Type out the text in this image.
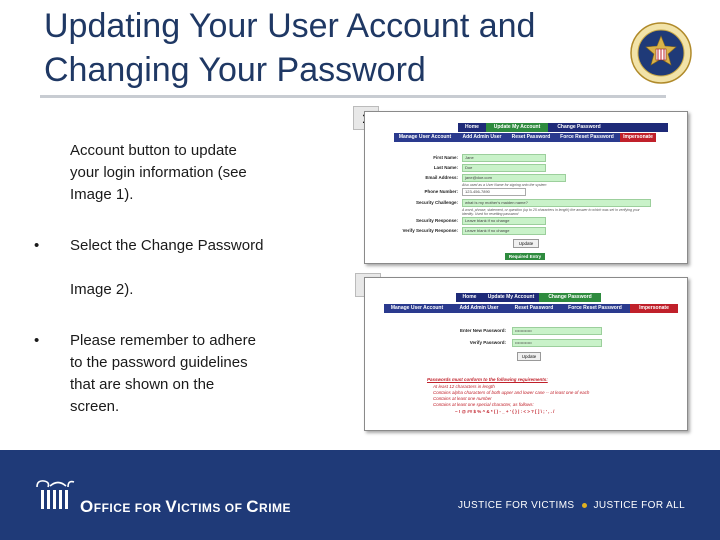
Updating Your User Account and
Changing Your Password
Account button to update
your login information (see
Image 1).
•	Select the Change Password
Image 2).
•	Please remember to adhere
to the password guidelines
that are shown on the
screen.
Home	Update My Account	Change Password
Manage User Account	Add Admin User	Reset Password	Force Reset Password	Impersonate
First Name:	Jane
Last Name:	Doe
Email Address:	jane@doe.com
Also used as a User Name for signing onto the system
Phone Number:	123-456-7890
Security Challenge:	what is my mother's maiden name?
A word, phrase, statement, or question (up to 25 characters in length) the answer to which was set in verifying your identity. Used for resetting password
Security Response:	Leave blank if no change
Verify Security Response:	Leave blank if no change
Update
Required Entry
Home	Update My Account	Change Password
Manage User Account	Add Admin User	Reset Password	Force Reset Password	Impersonate
Enter New Password:	••••••••••••
Verify Password:	••••••••••••
Update
Passwords must conform to the following requirements:
At least 12 characters in length
Contains alpha characters of both upper and lower case -- at least one of each
Contains at least one number
Contains at least one special character, as follows:
~ ! @ ## $ % ^ & * ( ) - _ + ' { } | : < > ? [ ] \ ; ' , . /
OFFICE FOR VICTIMS OF CRIME	JUSTICE FOR VICTIMS JUSTICE FOR ALL
